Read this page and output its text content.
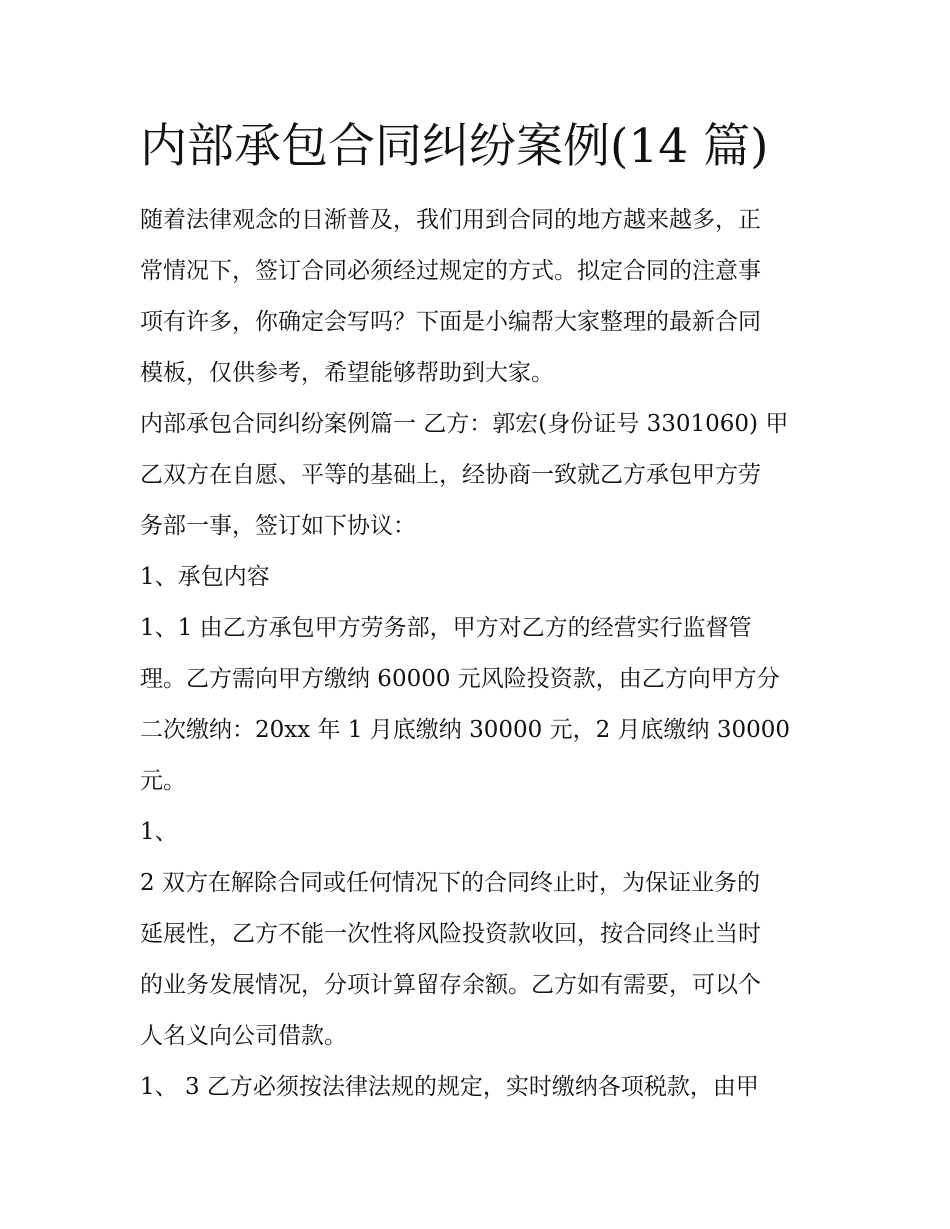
内部承包合同纠纷案例(14 篇)

随着法律观念的日渐普及，我们用到合同的地方越来越多，正

常情况下，签订合同必须经过规定的方式。拟定合同的注意事

项有许多，你确定会写吗？下面是小编帮大家整理的最新合同

模板，仅供参考，希望能够帮助到大家。

内部承包合同纠纷案例篇一 乙方：郭宏(身份证号 3301060) 甲

乙双方在自愿、平等的基础上，经协商一致就乙方承包甲方劳

务部一事，签订如下协议：

1、承包内容

1、1 由乙方承包甲方劳务部，甲方对乙方的经营实行监督管

理。乙方需向甲方缴纳 60000 元风险投资款，由乙方向甲方分

二次缴纳：20xx 年 1 月底缴纳 30000 元，2 月底缴纳 30000

元。

1、

2 双方在解除合同或任何情况下的合同终止时，为保证业务的

延展性，乙方不能一次性将风险投资款收回，按合同终止当时

的业务发展情况，分项计算留存余额。乙方如有需要，可以个

人名义向公司借款。

1、 3 乙方必须按法律法规的规定，实时缴纳各项税款，由甲
